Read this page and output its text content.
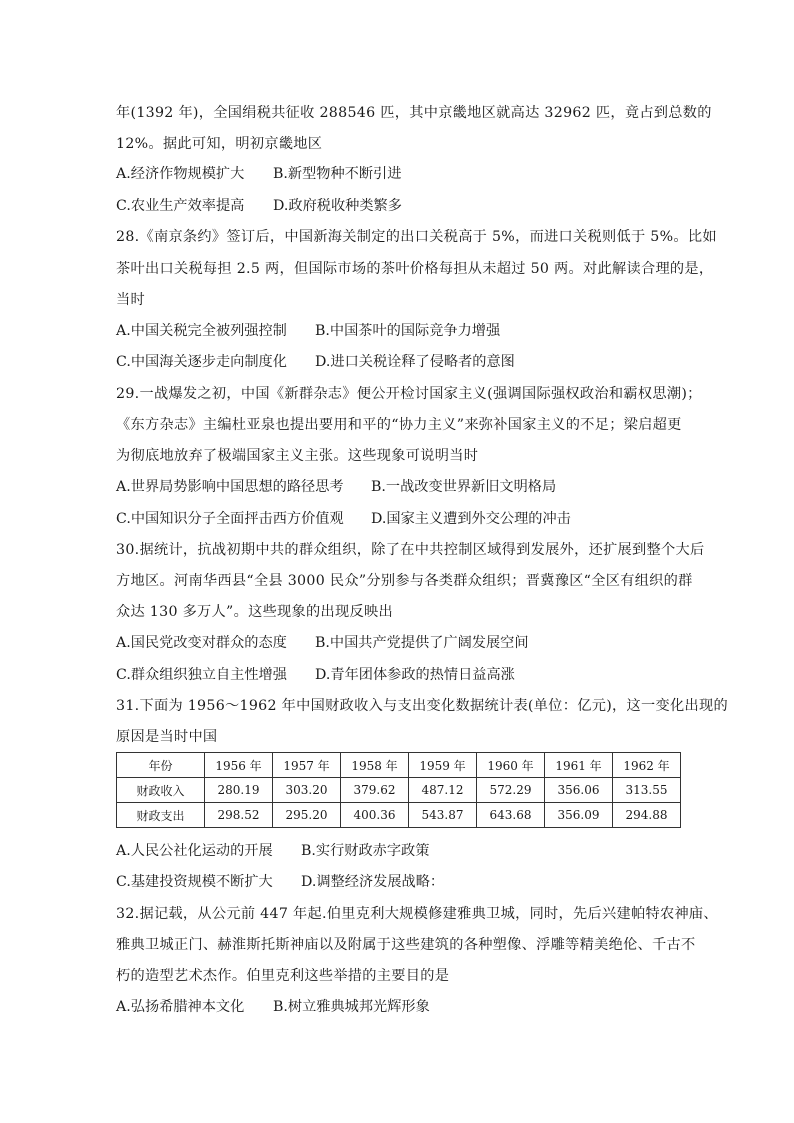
年(1392 年)，全国绢税共征收 288546 匹，其中京畿地区就高达 32962 匹，竟占到总数的
12%。据此可知，明初京畿地区
A.经济作物规模扩大 B.新型物种不断引进
C.农业生产效率提高 D.政府税收种类繁多
28.《南京条约》签订后，中国新海关制定的出口关税高于 5%，而进口关税则低于 5%。比如
茶叶出口关税每担 2.5 两，但国际市场的茶叶价格每担从未超过 50 两。对此解读合理的是，
当时
A.中国关税完全被列强控制 B.中国茶叶的国际竞争力增强
C.中国海关逐步走向制度化 D.进口关税诠释了侵略者的意图
29.一战爆发之初，中国《新群杂志》便公开检讨国家主义(强调国际强权政治和霸权思潮)；
《东方杂志》主编杜亚泉也提出要用和平的“协力主义”来弥补国家主义的不足；梁启超更
为彻底地放弃了极端国家主义主张。这些现象可说明当时
A.世界局势影响中国思想的路径思考 B.一战改变世界新旧文明格局
C.中国知识分子全面抨击西方价值观 D.国家主义遭到外交公理的冲击
30.据统计，抗战初期中共的群众组织，除了在中共控制区域得到发展外，还扩展到整个大后
方地区。河南华西县“全县 3000 民众”分别参与各类群众组织；晋冀豫区“全区有组织的群
众达 130 多万人”。这些现象的出现反映出
A.国民党改变对群众的态度 B.中国共产党提供了广阔发展空间
C.群众组织独立自主性增强 D.青年团体参政的热情日益高涨
31.下面为 1956～1962 年中国财政收入与支出变化数据统计表(单位：亿元)，这一变化出现的
原因是当时中国
年份	1956 年	1957 年	1958 年	1959 年	1960 年	1961 年	1962 年
财政收入	280.19	303.20	379.62	487.12	572.29	356.06	313.55
财政支出	298.52	295.20	400.36	543.87	643.68	356.09	294.88
A.人民公社化运动的开展 B.实行财政赤字政策
C.基建投资规模不断扩大 D.调整经济发展战略：
32.据记载，从公元前 447 年起.伯里克利大规模修建雅典卫城，同时，先后兴建帕特农神庙、
雅典卫城正门、赫淮斯托斯神庙以及附属于这些建筑的各种塑像、浮雕等精美绝伦、千古不
朽的造型艺术杰作。伯里克利这些举措的主要目的是
A.弘扬希腊神本文化 B.树立雅典城邦光辉形象
